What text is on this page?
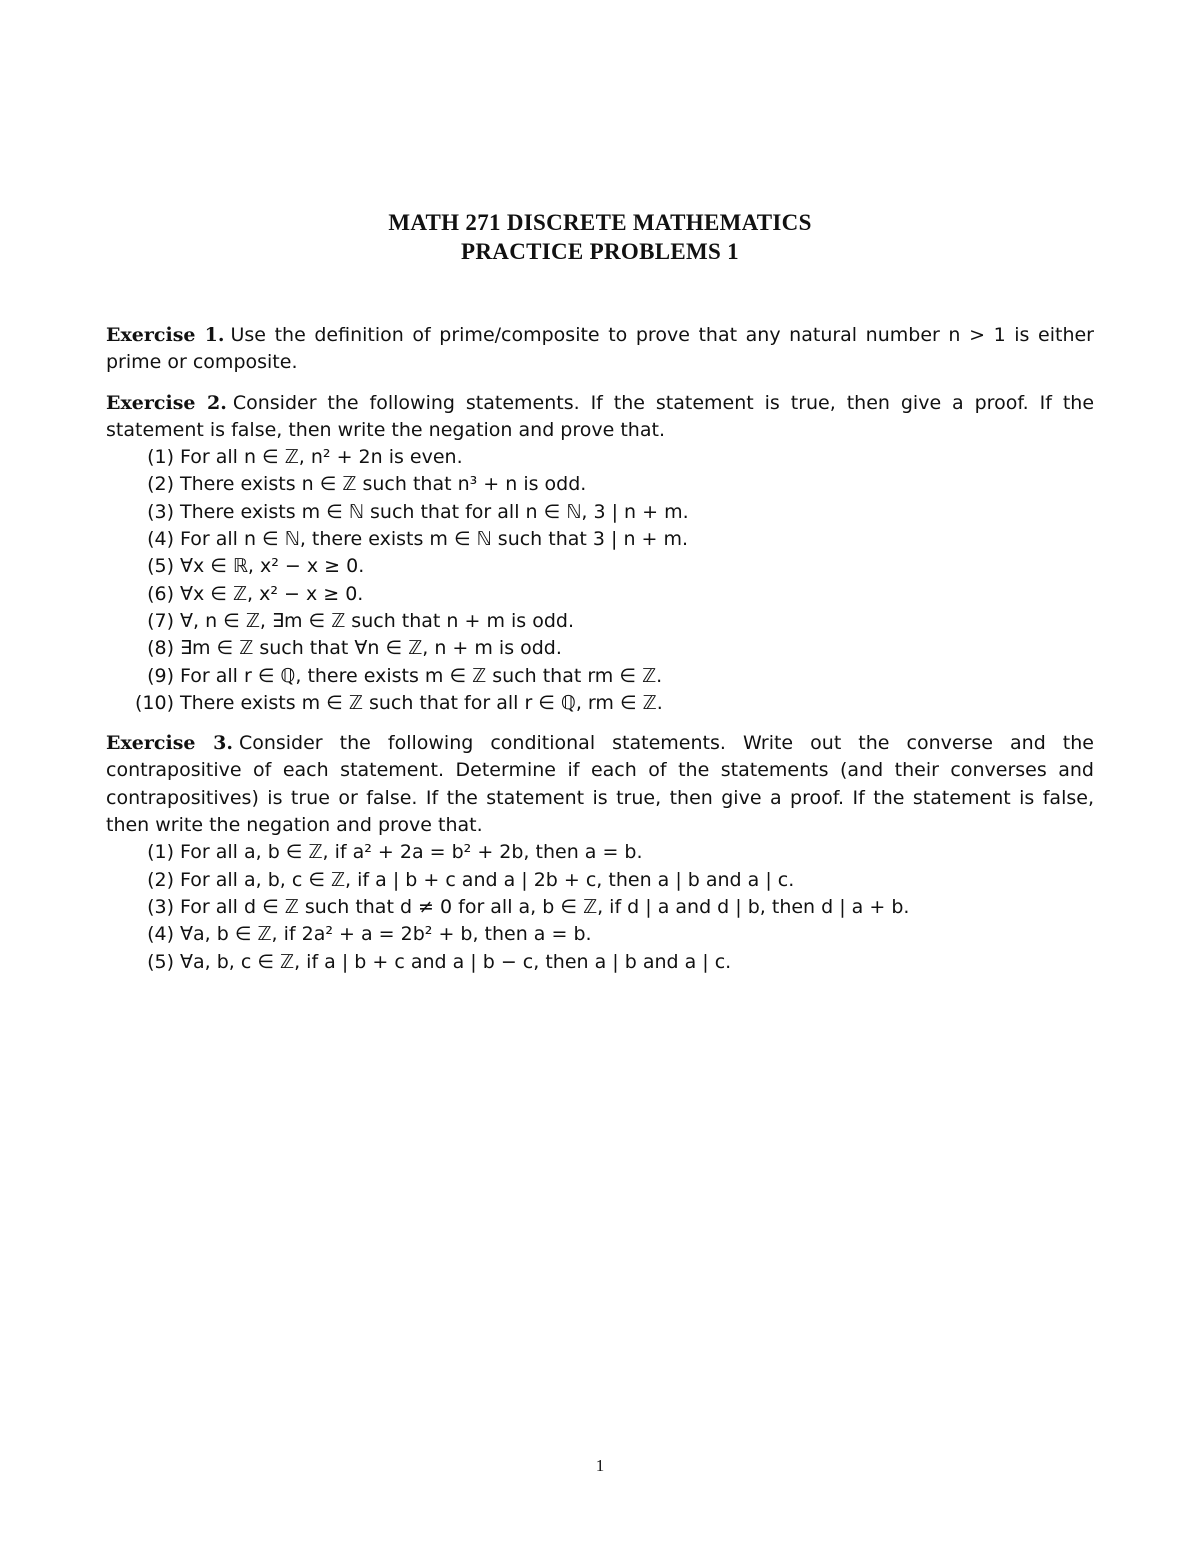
MATH 271 DISCRETE MATHEMATICS
PRACTICE PROBLEMS 1

Exercise 1. Use the definition of prime/composite to prove that any natural number n > 1 is either prime or composite.

Exercise 2. Consider the following statements. If the statement is true, then give a proof. If the statement is false, then write the negation and prove that.

(1) For all n ∈ ℤ, n² + 2n is even.
(2) There exists n ∈ ℤ such that n³ + n is odd.
(3) There exists m ∈ ℕ such that for all n ∈ ℕ, 3 | n + m.
(4) For all n ∈ ℕ, there exists m ∈ ℕ such that 3 | n + m.
(5) ∀x ∈ ℝ, x² − x ≥ 0.
(6) ∀x ∈ ℤ, x² − x ≥ 0.
(7) ∀, n ∈ ℤ, ∃m ∈ ℤ such that n + m is odd.
(8) ∃m ∈ ℤ such that ∀n ∈ ℤ, n + m is odd.
(9) For all r ∈ ℚ, there exists m ∈ ℤ such that rm ∈ ℤ.
(10) There exists m ∈ ℤ such that for all r ∈ ℚ, rm ∈ ℤ.

Exercise 3. Consider the following conditional statements. Write out the converse and the contrapositive of each statement. Determine if each of the statements (and their converses and contrapositives) is true or false. If the statement is true, then give a proof. If the statement is false, then write the negation and prove that.

(1) For all a, b ∈ ℤ, if a² + 2a = b² + 2b, then a = b.
(2) For all a, b, c ∈ ℤ, if a | b + c and a | 2b + c, then a | b and a | c.
(3) For all d ∈ ℤ such that d ≠ 0 for all a, b ∈ ℤ, if d | a and d | b, then d | a + b.
(4) ∀a, b ∈ ℤ, if 2a² + a = 2b² + b, then a = b.
(5) ∀a, b, c ∈ ℤ, if a | b + c and a | b − c, then a | b and a | c.
1
